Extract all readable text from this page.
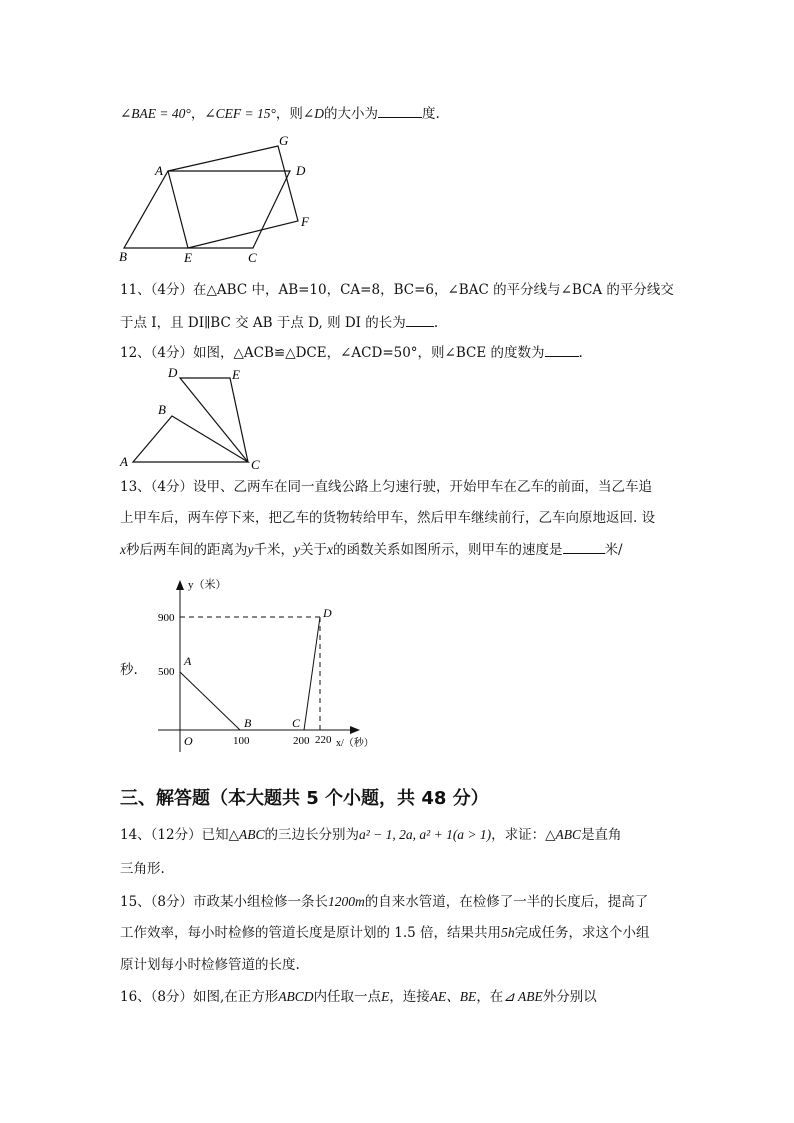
∠BAE = 40°，∠CEF = 15°，则∠D的大小为	度.
A
G
D
F
B	E	C
11、（4分）在△ABC 中，AB=10，CA=8，BC=6，∠BAC 的平分线与∠BCA 的平分线交
于点 I，且 DI∥BC 交 AB 于点 D, 则 DI 的长为 .
12、（4分）如图，△ACB≌△DCE，∠ACD=50°，则∠BCE 的度数为	.
D	E
B
A	C
13、（4分）设甲、乙两车在同一直线公路上匀速行驶，开始甲车在乙车的前面，当乙车追
上甲车后，两车停下来，把乙车的货物转给甲车，然后甲车继续前行，乙车向原地返回. 设
x秒后两车间的距离为y千米，y关于x的函数关系如图所示，则甲车的速度是	米/
秒.
y（米）
x/（秒）
900
500
O	100	200 220
A
B	C
D
三、解答题（本大题共 5 个小题，共 48 分）
14、（12分）已知△ABC的三边长分别为a² − 1, 2a, a² + 1(a > 1)，求证：△ABC是直角
三角形.
15、（8分）市政某小组检修一条长1200m的自来水管道，在检修了一半的长度后，提高了
工作效率，每小时检修的管道长度是原计划的 1.5 倍，结果共用5h完成任务，求这个小组
原计划每小时检修管道的长度.
16、（8分）如图,在正方形ABCD内任取一点E，连接AE、BE，在⊿ ABE外分别以
